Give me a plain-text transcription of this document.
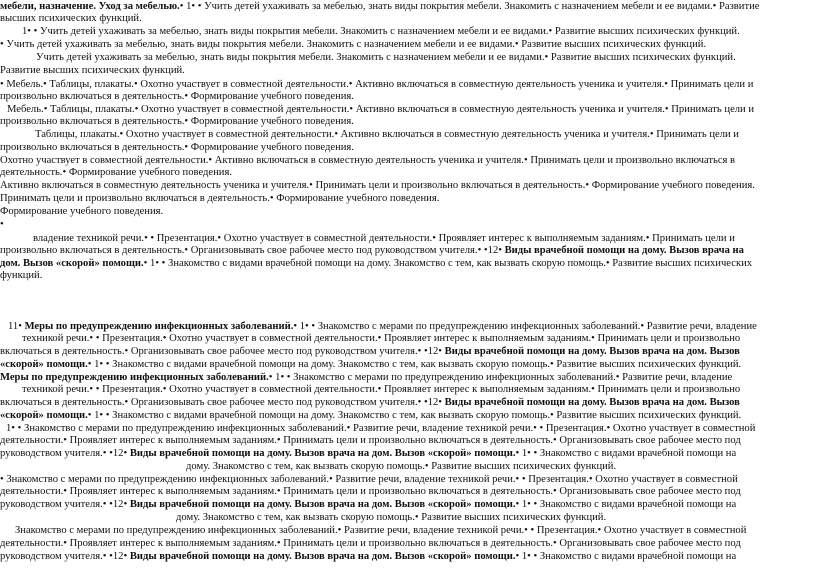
мебели, назначение. Уход за мебелью.• 1• • Учить детей ухаживать за мебелью, знать виды покрытия мебели. Знакомить с назначением мебели и ее видами.• Развитие
высших психических функций.
1• • Учить детей ухаживать за мебелью, знать виды покрытия мебели. Знакомить с назначением мебели и ее видами.• Развитие высших психических функций.
• Учить детей ухаживать за мебелью, знать виды покрытия мебели. Знакомить с назначением мебели и ее видами.• Развитие высших психических функций.
Учить детей ухаживать за мебелью, знать виды покрытия мебели. Знакомить с назначением мебели и ее видами.• Развитие высших психических функций.
Развитие высших психических функций.
• Мебель.• Таблицы, плакаты.• Охотно участвует в совместной деятельности.• Активно включаться в совместную деятельность ученика и учителя.• Принимать цели и
произвольно включаться в деятельность.• Формирование учебного поведения.
Мебель.• Таблицы, плакаты.• Охотно участвует в совместной деятельности.• Активно включаться в совместную деятельность ученика и учителя.• Принимать цели и
произвольно включаться в деятельность.• Формирование учебного поведения.
Таблицы, плакаты.• Охотно участвует в совместной деятельности.• Активно включаться в совместную деятельность ученика и учителя.• Принимать цели и
произвольно включаться в деятельность.• Формирование учебного поведения.
Охотно участвует в совместной деятельности.• Активно включаться в совместную деятельность ученика и учителя.• Принимать цели и произвольно включаться в
деятельность.• Формирование учебного поведения.
Активно включаться в совместную деятельность ученика и учителя.• Принимать цели и произвольно включаться в деятельность.• Формирование учебного поведения.
Принимать цели и произвольно включаться в деятельность.• Формирование учебного поведения.
Формирование учебного поведения.
•
владение техникой речи.• • Презентация.• Охотно участвует в совместной деятельности.• Проявляет интерес к выполняемым заданиям.• Принимать цели и
произвольно включаться в деятельность.• Организовывать свое рабочее место под руководством учителя.• •12• Виды врачебной помощи на дому. Вызов врача на
дом. Вызов «скорой» помощи.• 1• • Знакомство с видами врачебной помощи на дому. Знакомство с тем, как вызвать скорую помощь.• Развитие высших психических
функций.
11• Меры по предупреждению инфекционных заболеваний.• 1• • Знакомство с мерами по предупреждению инфекционных заболеваний.• Развитие речи, владение
техникой речи.• • Презентация.• Охотно участвует в совместной деятельности.• Проявляет интерес к выполняемым заданиям.• Принимать цели и произвольно
включаться в деятельность.• Организовывать свое рабочее место под руководством учителя.• •12• Виды врачебной помощи на дому. Вызов врача на дом. Вызов
«скорой» помощи.• 1• • Знакомство с видами врачебной помощи на дому. Знакомство с тем, как вызвать скорую помощь.• Развитие высших психических функций.
Меры по предупреждению инфекционных заболеваний.• 1• • Знакомство с мерами по предупреждению инфекционных заболеваний.• Развитие речи, владение
техникой речи.• • Презентация.• Охотно участвует в совместной деятельности.• Проявляет интерес к выполняемым заданиям.• Принимать цели и произвольно
включаться в деятельность.• Организовывать свое рабочее место под руководством учителя.• •12• Виды врачебной помощи на дому. Вызов врача на дом. Вызов
«скорой» помощи.• 1• • Знакомство с видами врачебной помощи на дому. Знакомство с тем, как вызвать скорую помощь.• Развитие высших психических функций.
1• • Знакомство с мерами по предупреждению инфекционных заболеваний.• Развитие речи, владение техникой речи.• • Презентация.• Охотно участвует в совместной
деятельности.• Проявляет интерес к выполняемым заданиям.• Принимать цели и произвольно включаться в деятельность.• Организовывать свое рабочее место под
руководством учителя.• •12• Виды врачебной помощи на дому. Вызов врача на дом. Вызов «скорой» помощи.• 1• • Знакомство с видами врачебной помощи на
дому. Знакомство с тем, как вызвать скорую помощь.• Развитие высших психических функций.
• Знакомство с мерами по предупреждению инфекционных заболеваний.• Развитие речи, владение техникой речи.• • Презентация.• Охотно участвует в совместной
деятельности.• Проявляет интерес к выполняемым заданиям.• Принимать цели и произвольно включаться в деятельность.• Организовывать свое рабочее место под
руководством учителя.• •12• Виды врачебной помощи на дому. Вызов врача на дом. Вызов «скорой» помощи.• 1• • Знакомство с видами врачебной помощи на
дому. Знакомство с тем, как вызвать скорую помощь.• Развитие высших психических функций.
Знакомство с мерами по предупреждению инфекционных заболеваний.• Развитие речи, владение техникой речи.• • Презентация.• Охотно участвует в совместной
деятельности.• Проявляет интерес к выполняемым заданиям.• Принимать цели и произвольно включаться в деятельность.• Организовывать свое рабочее место под
руководством учителя.• •12• Виды врачебной помощи на дому. Вызов врача на дом. Вызов «скорой» помощи.• 1• • Знакомство с видами врачебной помощи на
